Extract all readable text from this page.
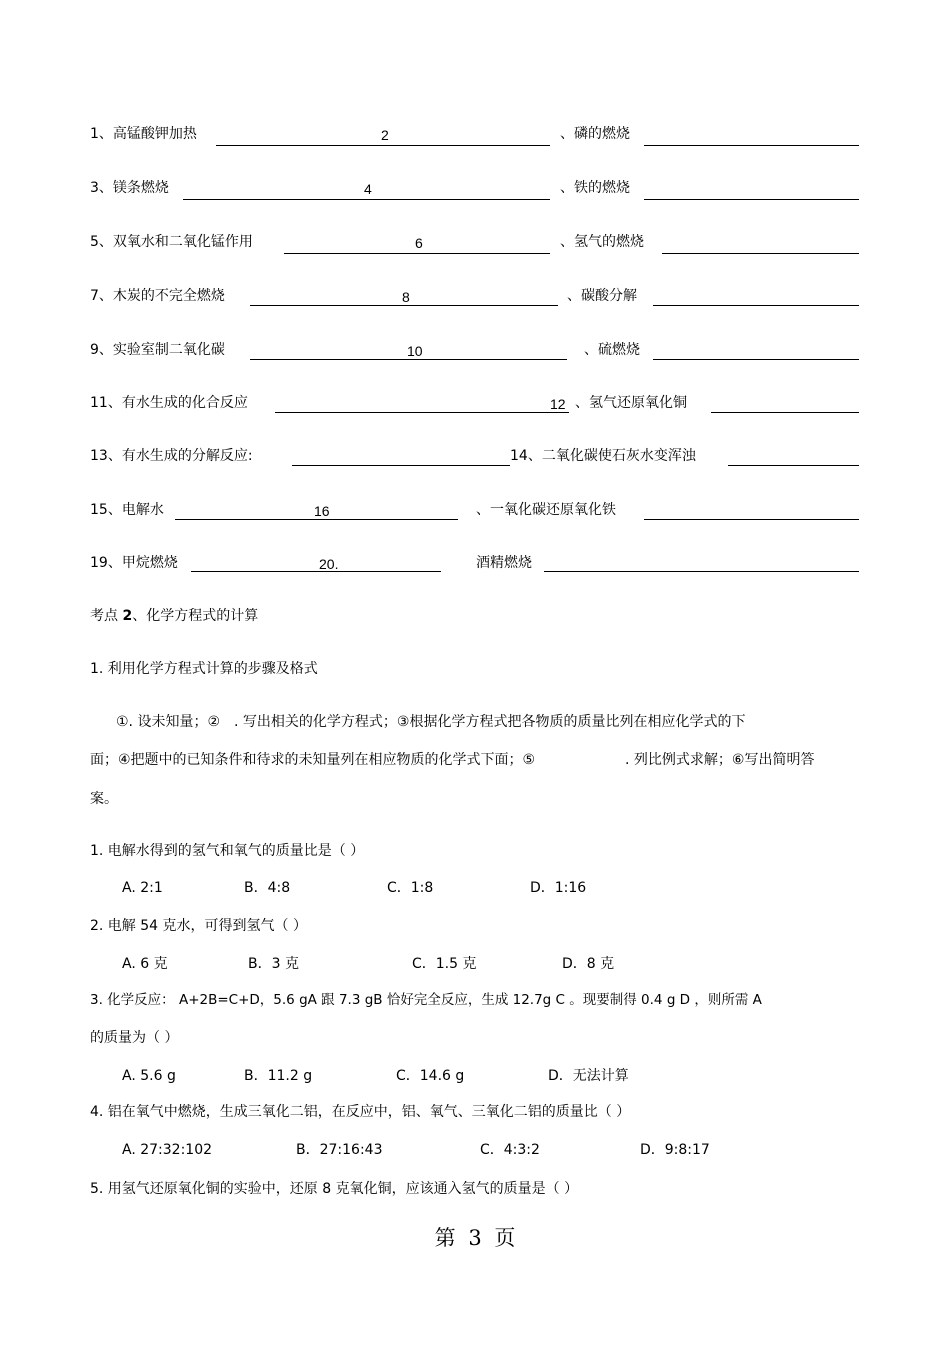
1、高锰酸钾加热	2	、磷的燃烧
3、镁条燃烧	4	、铁的燃烧
5、双氧水和二氧化锰作用	6	、氢气的燃烧
7、木炭的不完全燃烧	8	、碳酸分解
9、实验室制二氧化碳	10	、硫燃烧
11、有水生成的化合反应	12 、氢气还原氧化铜
13、有水生成的分解反应:	14、二氧化碳使石灰水变浑浊
15、电解水	16	、一氧化碳还原氧化铁
19、甲烷燃烧	20.	酒精燃烧
考点 2、化学方程式的计算
1. 利用化学方程式计算的步骤及格式
①. 设未知量；②　. 写出相关的化学方程式；③根据化学方程式把各物质的质量比列在相应化学式的下
面；④把题中的已知条件和待求的未知量列在相应物质的化学式下面；⑤	. 列比例式求解；⑥写出简明答
案。
1. 电解水得到的氢气和氧气的质量比是（ ）
A. 2:1	B．4:8	C．1:8	D．1:16
2. 电解 54 克水，可得到氢气（ ）
A. 6 克	B．3 克	C．1.5 克	D．8 克
3. 化学反应： A+2B=C+D，5.6 gA 跟 7.3 gB 恰好完全反应，生成 12.7g C 。现要制得 0.4 g D ，则所需 A
的质量为（ ）
A. 5.6 g	B．11.2 g	C．14.6 g	D．无法计算
4. 铝在氧气中燃烧，生成三氧化二铝，在反应中，铝、氧气、三氧化二铝的质量比（ ）
A. 27:32:102	B．27:16:43	C．4:3:2	D．9:8:17
5. 用氢气还原氧化铜的实验中，还原 8 克氧化铜，应该通入氢气的质量是（ ）
第 3 页
